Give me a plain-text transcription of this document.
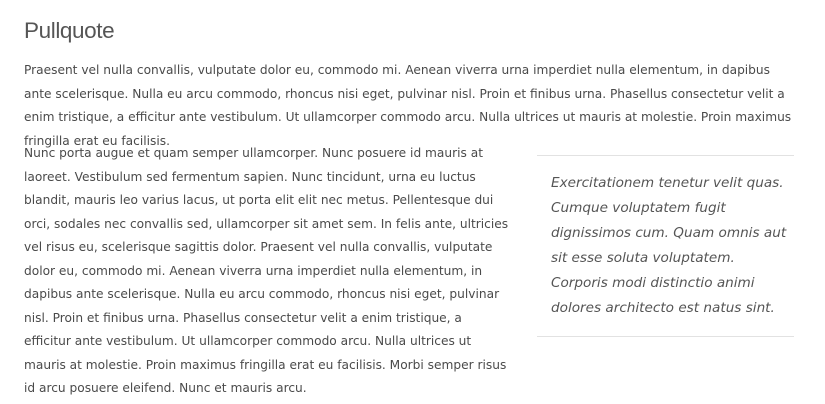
Pullquote

Praesent vel nulla convallis, vulputate dolor eu, commodo mi. Aenean viverra urna imperdiet nulla elementum, in dapibus ante scelerisque. Nulla eu arcu commodo, rhoncus nisi eget, pulvinar nisl. Proin et finibus urna. Phasellus consectetur velit a enim tristique, a efficitur ante vestibulum. Ut ullamcorper commodo arcu. Nulla ultrices ut mauris at molestie. Proin maximus fringilla erat eu facilisis.

Nunc porta augue et quam semper ullamcorper. Nunc posuere id mauris at laoreet. Vestibulum sed fermentum sapien. Nunc tincidunt, urna eu luctus blandit, mauris leo varius lacus, ut porta elit elit nec metus. Pellentesque dui orci, sodales nec convallis sed, ullamcorper sit amet sem. In felis ante, ultricies vel risus eu, scelerisque sagittis dolor. Praesent vel nulla convallis, vulputate dolor eu, commodo mi. Aenean viverra urna imperdiet nulla elementum, in dapibus ante scelerisque. Nulla eu arcu commodo, rhoncus nisi eget, pulvinar nisl. Proin et finibus urna. Phasellus consectetur velit a enim tristique, a efficitur ante vestibulum. Ut ullamcorper commodo arcu. Nulla ultrices ut mauris at molestie. Proin maximus fringilla erat eu facilisis. Morbi semper risus id arcu posuere eleifend. Nunc et mauris arcu.

Exercitationem tenetur velit quas. Cumque voluptatem fugit dignissimos cum. Quam omnis aut sit esse soluta voluptatem. Corporis modi distinctio animi dolores architecto est natus sint.
